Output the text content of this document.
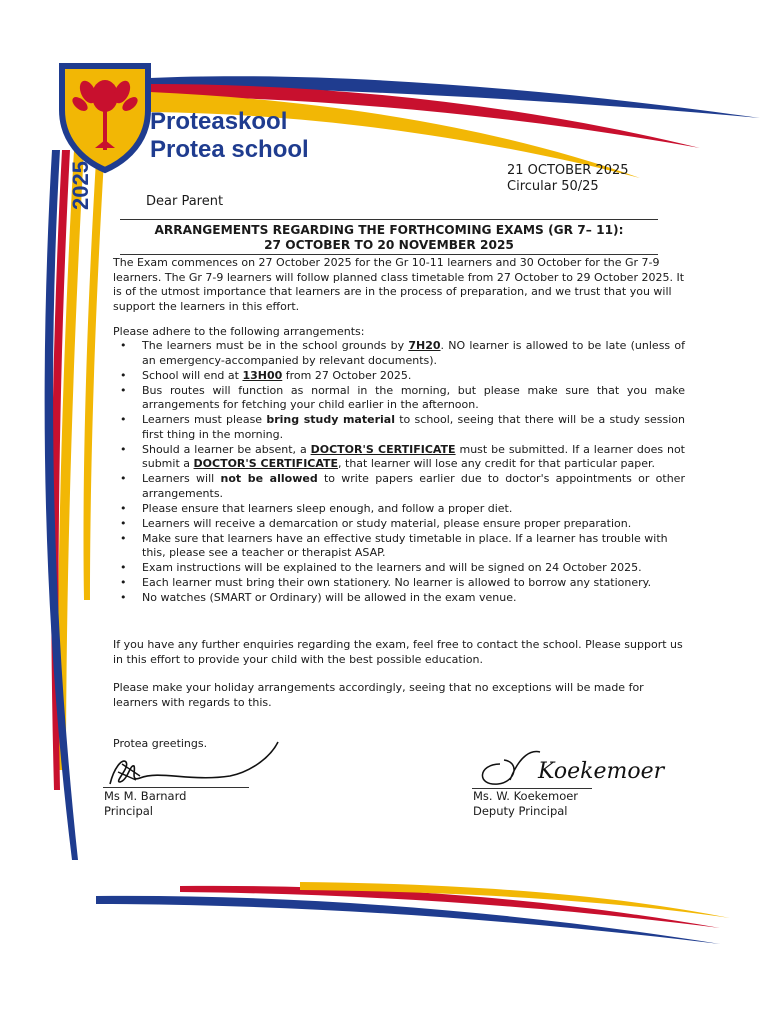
Proteaskool
Protea school
2025	21 OCTOBER 2025
Circular 50/25
Dear Parent
ARRANGEMENTS REGARDING THE FORTHCOMING EXAMS (GR 7– 11):
27 OCTOBER TO 20 NOVEMBER 2025
The Exam commences on 27 October 2025 for the Gr 10-11 learners and 30 October for the Gr 7-9 learners. The Gr 7-9 learners will follow planned class timetable from 27 October to 29 October 2025. It is of the utmost importance that learners are in the process of preparation, and we trust that you will support the learners in this effort.
Please adhere to the following arrangements:
• The learners must be in the school grounds by 7H20. NO learner is allowed to be late (unless of an emergency-accompanied by relevant documents).
• School will end at 13H00 from 27 October 2025.
• Bus routes will function as normal in the morning, but please make sure that you make arrangements for fetching your child earlier in the afternoon.
• Learners must please bring study material to school, seeing that there will be a study session first thing in the morning.
• Should a learner be absent, a DOCTOR'S CERTIFICATE must be submitted. If a learner does not submit a DOCTOR'S CERTIFICATE, that learner will lose any credit for that particular paper.
• Learners will not be allowed to write papers earlier due to doctor's appointments or other arrangements.
• Please ensure that learners sleep enough, and follow a proper diet.
• Learners will receive a demarcation or study material, please ensure proper preparation.
• Make sure that learners have an effective study timetable in place. If a learner has trouble with this, please see a teacher or therapist ASAP.
• Exam instructions will be explained to the learners and will be signed on 24 October 2025.
• Each learner must bring their own stationery. No learner is allowed to borrow any stationery.
• No watches (SMART or Ordinary) will be allowed in the exam venue.
If you have any further enquiries regarding the exam, feel free to contact the school. Please support us in this effort to provide your child with the best possible education.
Please make your holiday arrangements accordingly, seeing that no exceptions will be made for learners with regards to this.
Protea greetings.
Ms M. Barnard
Principal
Koekemoer
Ms. W. Koekemoer
Deputy Principal
